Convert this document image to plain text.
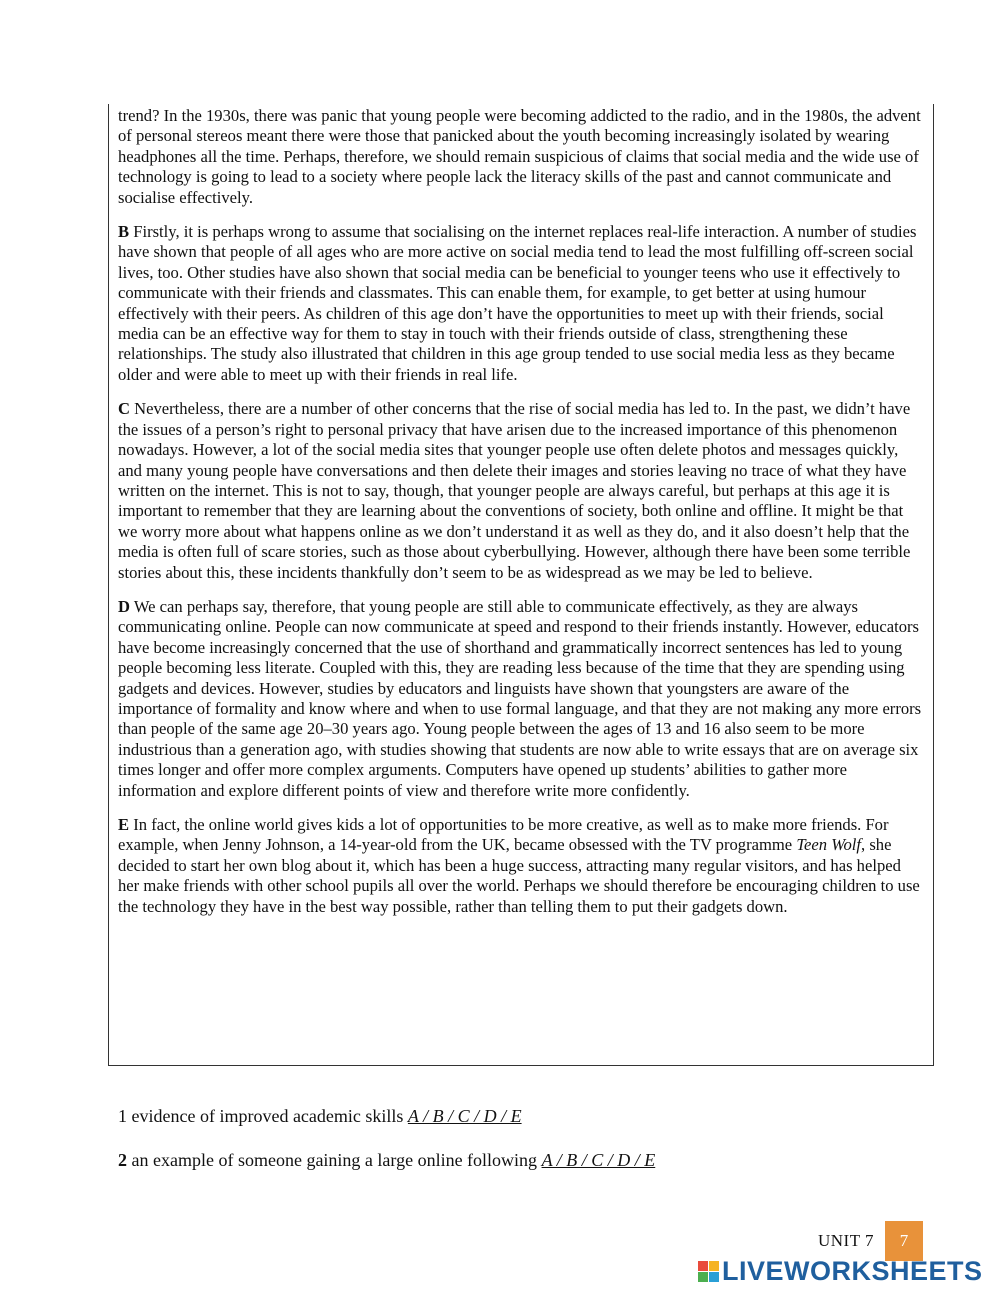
trend? In the 1930s, there was panic that young people were becoming addicted to the radio, and in the 1980s, the advent of personal stereos meant there were those that panicked about the youth becoming increasingly isolated by wearing headphones all the time. Perhaps, therefore, we should remain suspicious of claims that social media and the wide use of technology is going to lead to a society where people lack the literacy skills of the past and cannot communicate and socialise effectively.

B Firstly, it is perhaps wrong to assume that socialising on the internet replaces real-life interaction. A number of studies have shown that people of all ages who are more active on social media tend to lead the most fulfilling off-screen social lives, too. Other studies have also shown that social media can be beneficial to younger teens who use it effectively to communicate with their friends and classmates. This can enable them, for example, to get better at using humour effectively with their peers. As children of this age don’t have the opportunities to meet up with their friends, social media can be an effective way for them to stay in touch with their friends outside of class, strengthening these relationships. The study also illustrated that children in this age group tended to use social media less as they became older and were able to meet up with their friends in real life.

C Nevertheless, there are a number of other concerns that the rise of social media has led to. In the past, we didn’t have the issues of a person’s right to personal privacy that have arisen due to the increased importance of this phenomenon nowadays. However, a lot of the social media sites that younger people use often delete photos and messages quickly, and many young people have conversations and then delete their images and stories leaving no trace of what they have written on the internet. This is not to say, though, that younger people are always careful, but perhaps at this age it is important to remember that they are learning about the conventions of society, both online and offline. It might be that we worry more about what happens online as we don’t understand it as well as they do, and it also doesn’t help that the media is often full of scare stories, such as those about cyberbullying. However, although there have been some terrible stories about this, these incidents thankfully don’t seem to be as widespread as we may be led to believe.

D We can perhaps say, therefore, that young people are still able to communicate effectively, as they are always communicating online. People can now communicate at speed and respond to their friends instantly. However, educators have become increasingly concerned that the use of shorthand and grammatically incorrect sentences has led to young people becoming less literate. Coupled with this, they are reading less because of the time that they are spending using gadgets and devices. However, studies by educators and linguists have shown that youngsters are aware of the importance of formality and know where and when to use formal language, and that they are not making any more errors than people of the same age 20–30 years ago. Young people between the ages of 13 and 16 also seem to be more industrious than a generation ago, with studies showing that students are now able to write essays that are on average six times longer and offer more complex arguments. Computers have opened up students’ abilities to gather more information and explore different points of view and therefore write more confidently.

E In fact, the online world gives kids a lot of opportunities to be more creative, as well as to make more friends. For example, when Jenny Johnson, a 14-year-old from the UK, became obsessed with the TV programme Teen Wolf, she decided to start her own blog about it, which has been a huge success, attracting many regular visitors, and has helped her make friends with other school pupils all over the world. Perhaps we should therefore be encouraging children to use the technology they have in the best way possible, rather than telling them to put their gadgets down.

1 evidence of improved academic skills A / B / C / D / E
2 an example of someone gaining a large online following A / B / C / D / E
UNIT 7	7
LIVEWORKSHEETS
